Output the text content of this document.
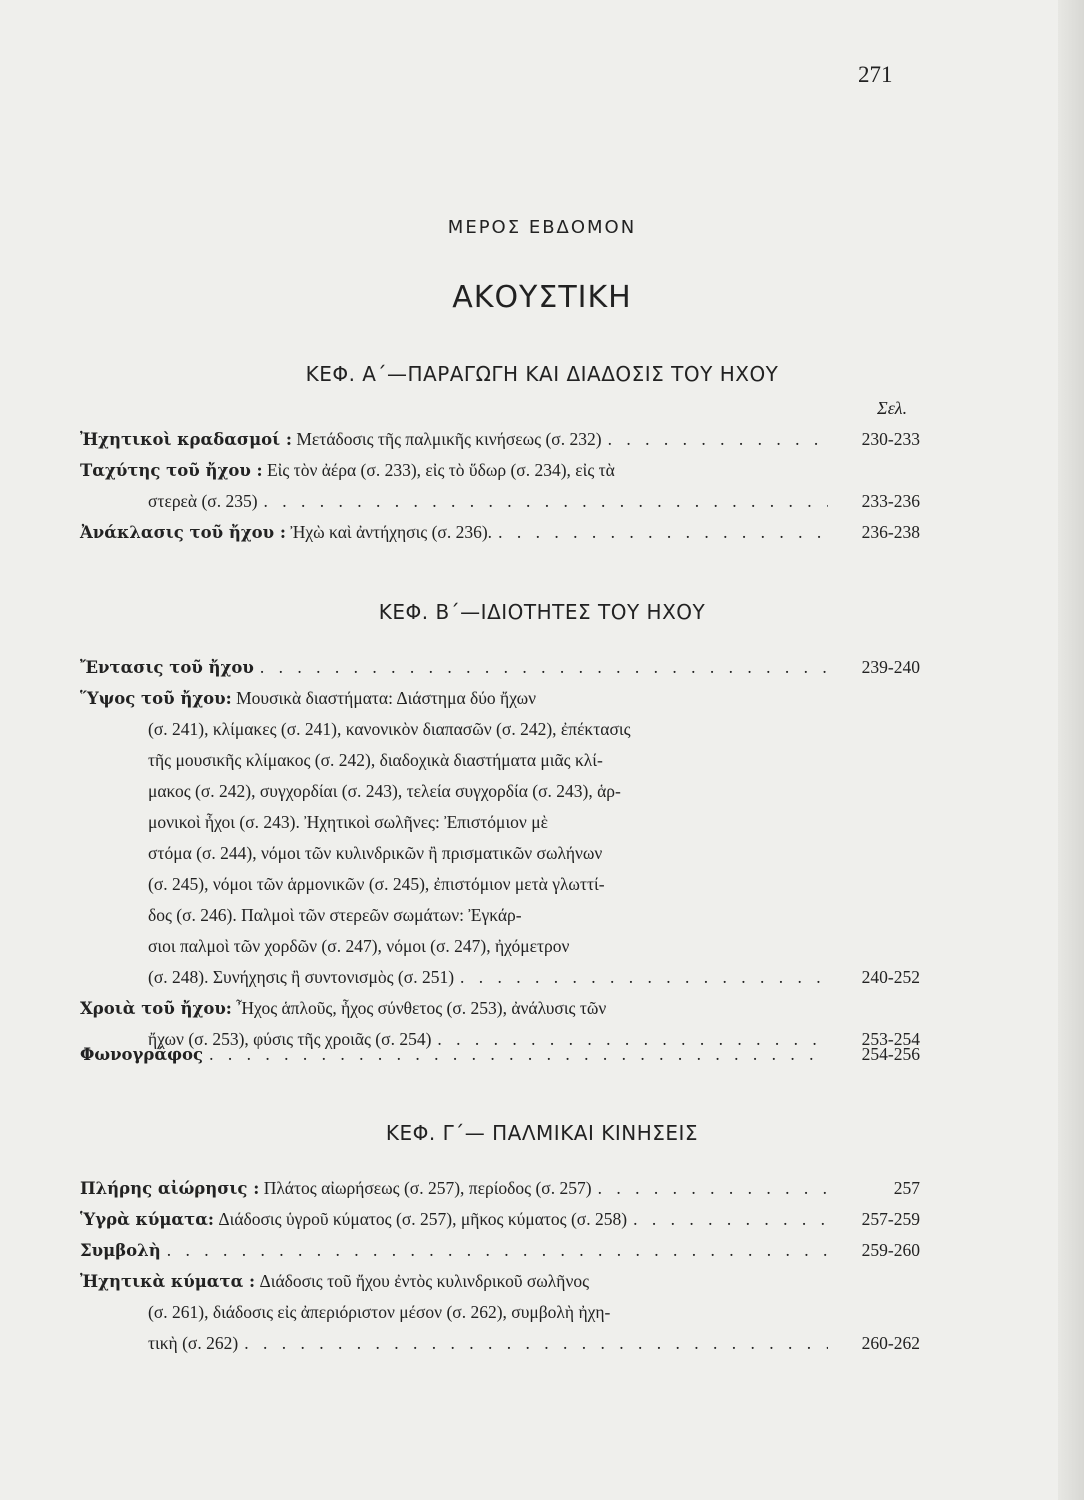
271
ΜΕΡΟΣ ΕΒΔΟΜΟΝ
ΑΚΟΥΣΤΙΚΗ
ΚΕΦ. Α΄—ΠΑΡΑΓΩΓΗ ΚΑΙ ΔΙΑΔΟΣΙΣ ΤΟΥ ΗΧΟΥ
Σελ.
Ἠχητικοὶ κραδασμοί :
Μετάδοσις τῆς παλμικῆς κινήσεως (σ. 232) . . .	230-233
Ταχύτης τοῦ ἤχου :
Εἰς τὸν ἀέρα (σ. 233), εἰς τὸ ὕδωρ (σ. 234), εἰς τὰ
στερεὰ (σ. 235) . . .	233-236
Ἀνάκλασις τοῦ ἤχου :
Ἠχὼ καὶ ἀντήχησις (σ. 236). . . .	236-238
ΚΕΦ. Β΄—ΙΔΙΟΤΗΤΕΣ ΤΟΥ ΗΧΟΥ
Ἔντασις τοῦ ἤχου . . .	239-240
Ὕψος τοῦ ἤχου:
Μουσικὰ διαστήματα: Διάστημα δύο ἤχων
(σ. 241), κλίμακες (σ. 241), κανονικὸν διαπασῶν (σ. 242), ἐπέκτασις
τῆς μουσικῆς κλίμακος (σ. 242), διαδοχικὰ διαστήματα μιᾶς κλί-
μακος (σ. 242), συγχορδίαι (σ. 243), τελεία συγχορδία (σ. 243), ἁρ-
μονικοὶ ἦχοι (σ. 243). Ἠχητικοὶ σωλῆνες: Ἐπιστόμιον μὲ
στόμα (σ. 244), νόμοι τῶν κυλινδρικῶν ἢ πρισματικῶν σωλήνων
(σ. 245), νόμοι τῶν ἁρμονικῶν (σ. 245), ἐπιστόμιον μετὰ γλωττί-
δος (σ. 246). Παλμοὶ τῶν στερεῶν σωμάτων: Ἐγκάρ-
σιοι παλμοὶ τῶν χορδῶν (σ. 247), νόμοι (σ. 247), ἠχόμετρον
(σ. 248). Συνήχησις ἢ συντονισμὸς (σ. 251) . . .	240-252
Χροιὰ τοῦ ἤχου:
Ἦχος ἁπλοῦς, ἦχος σύνθετος (σ. 253), ἀνάλυσις τῶν
ἤχων (σ. 253), φύσις τῆς χροιᾶς (σ. 254) . . .	253-254
Φωνογράφος . . .	254-256
ΚΕΦ. Γ΄— ΠΑΛΜΙΚΑΙ ΚΙΝΗΣΕΙΣ
Πλήρης αἰώρησις :
Πλάτος αἰωρήσεως (σ. 257), περίοδος (σ. 257) . . .	257
Ὑγρὰ κύματα:
Διάδοσις ὑγροῦ κύματος (σ. 257), μῆκος κύματος (σ. 258) . . .	257-259
Συμβολὴ . . .	259-260
Ἠχητικὰ κύματα :
Διάδοσις τοῦ ἤχου ἐντὸς κυλινδρικοῦ σωλῆνος
(σ. 261), διάδοσις εἰς ἀπεριόριστον μέσον (σ. 262), συμβολὴ ἠχη-
τικὴ (σ. 262) . . .	260-262
